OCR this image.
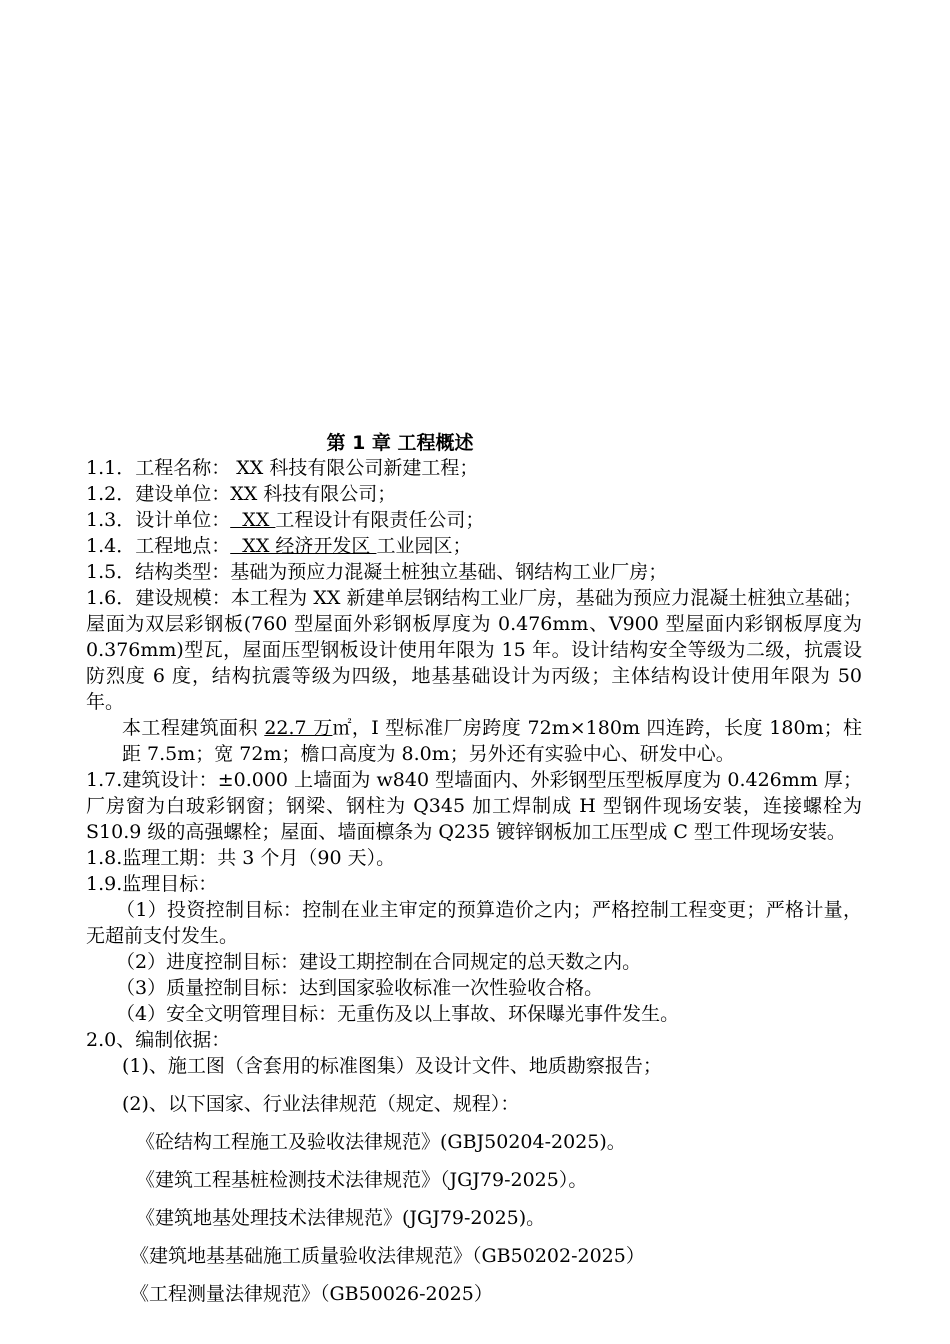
第 1 章 工程概述

1.1．工程名称： XX 科技有限公司新建工程；

1.2．建设单位：XX 科技有限公司；

1.3．设计单位：  XX 工程设计有限责任公司；

1.4．工程地点：  XX 经济开发区 工业园区；

1.5．结构类型：基础为预应力混凝土桩独立基础、钢结构工业厂房；

1.6．建设规模：本工程为 XX 新建单层钢结构工业厂房，基础为预应力混凝土桩独立基础；屋面为双层彩钢板(760 型屋面外彩钢板厚度为 0.476mm、V900 型屋面内彩钢板厚度为 0.376mm)型瓦，屋面压型钢板设计使用年限为 15 年。设计结构安全等级为二级，抗震设防烈度 6 度，结构抗震等级为四级，地基基础设计为丙级；主体结构设计使用年限为 50 年。

本工程建筑面积 22.7 万㎡，I 型标准厂房跨度 72m×180m 四连跨，长度 180m；柱距 7.5m；宽 72m；檐口高度为 8.0m；另外还有实验中心、研发中心。

1.7.建筑设计：±0.000 上墙面为 w840 型墙面内、外彩钢型压型板厚度为 0.426mm 厚；厂房窗为白玻彩钢窗；钢梁、钢柱为 Q345 加工焊制成 H 型钢件现场安装，连接螺栓为 S10.9 级的高强螺栓；屋面、墙面檩条为 Q235 镀锌钢板加工压型成 C 型工件现场安装。

1.8.监理工期：共 3 个月（90 天）。

1.9.监理目标：

（1）投资控制目标：控制在业主审定的预算造价之内；严格控制工程变更；严格计量，无超前支付发生。

（2）进度控制目标：建设工期控制在合同规定的总天数之内。

（3）质量控制目标：达到国家验收标准一次性验收合格。

（4）安全文明管理目标：无重伤及以上事故、环保曝光事件发生。

2.0、编制依据：

(1)、施工图（含套用的标准图集）及设计文件、地质勘察报告；

(2)、以下国家、行业法律规范（规定、规程）：

《砼结构工程施工及验收法律规范》(GBJ50204-2025)。

《建筑工程基桩检测技术法律规范》（JGJ79-2025）。

《建筑地基处理技术法律规范》(JGJ79-2025)。

《建筑地基基础施工质量验收法律规范》（GB50202-2025）

《工程测量法律规范》（GB50026-2025）
